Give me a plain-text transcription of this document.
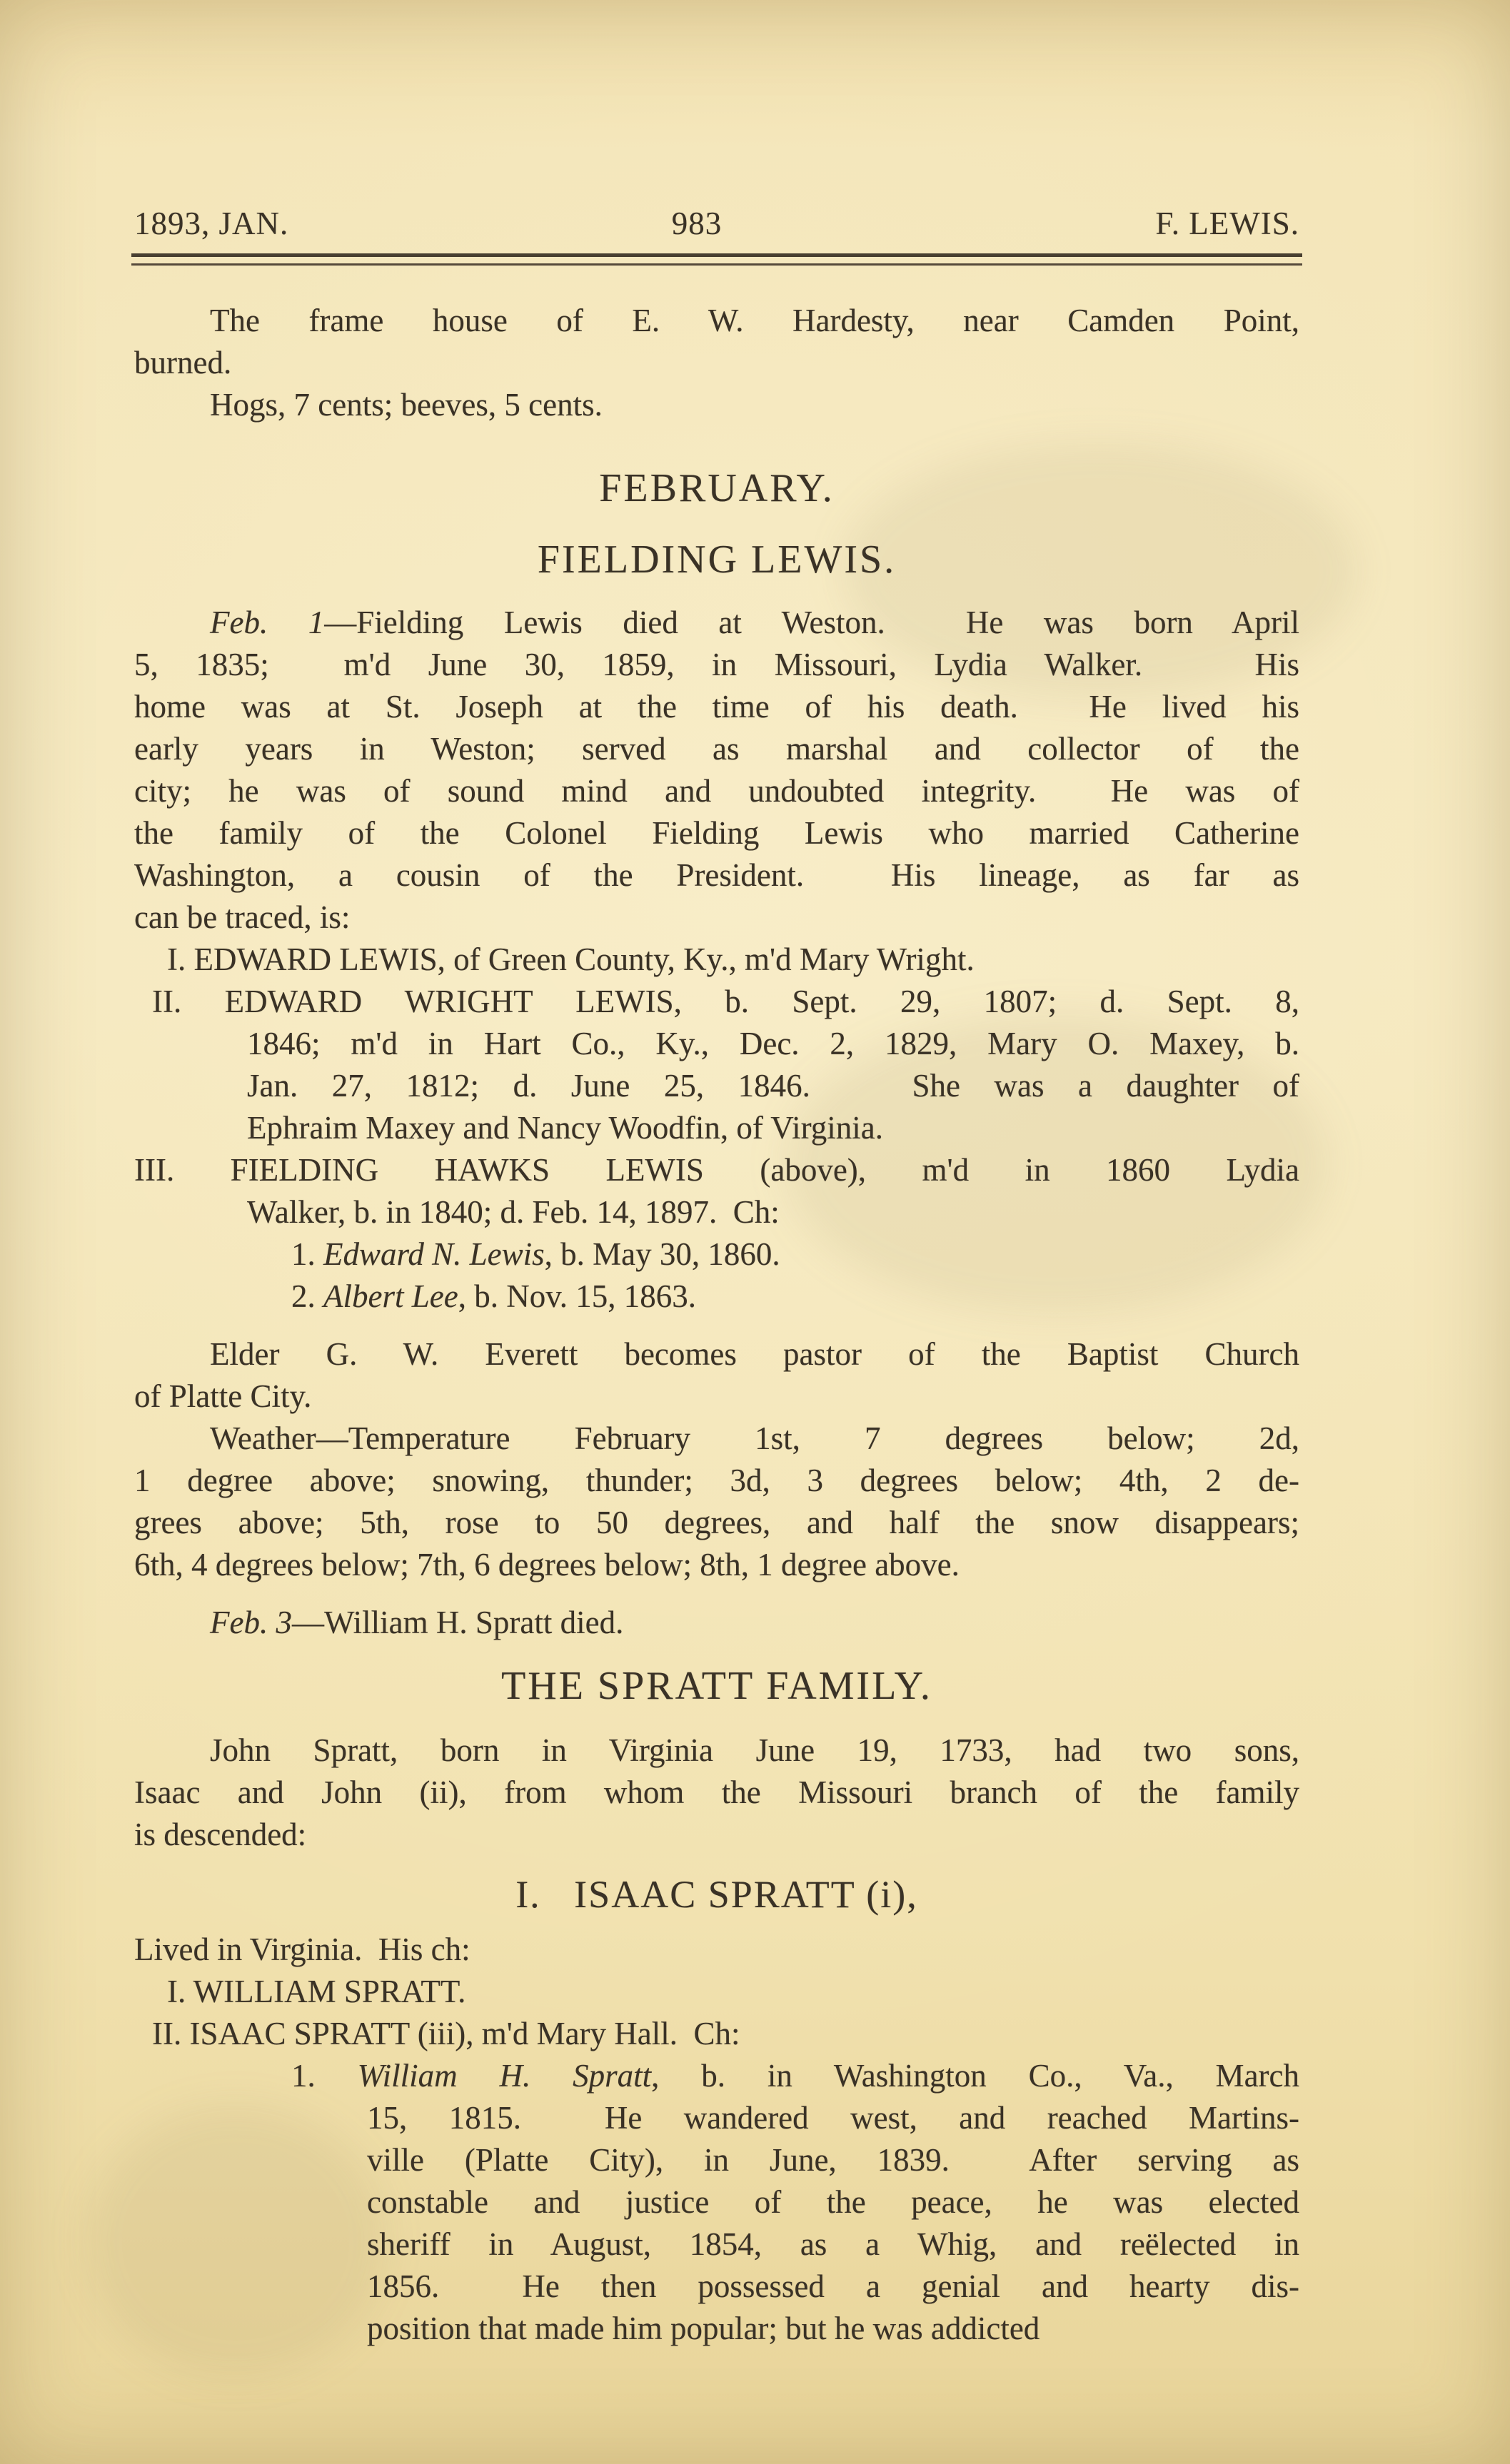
1893, JAN.	983	F. LEWIS.
The frame house of E. W. Hardesty, near Camden Point,
burned.
Hogs, 7 cents; beeves, 5 cents.
FEBRUARY.
FIELDING LEWIS.
Feb. 1—Fielding Lewis died at Weston.  He was born April
5, 1835;  m'd June 30, 1859, in Missouri, Lydia Walker.   His
home was at St. Joseph at the time of his death.  He lived his
early years in Weston; served as marshal and collector of the
city; he was of sound mind and undoubted integrity.  He was of
the family of the Colonel Fielding Lewis who married Catherine
Washington, a cousin of the President.  His lineage, as far as
can be traced, is:
I. EDWARD LEWIS, of Green County, Ky., m'd Mary Wright.
II. EDWARD WRIGHT LEWIS, b. Sept. 29, 1807; d. Sept. 8,
1846; m'd in Hart Co., Ky., Dec. 2, 1829, Mary O. Maxey, b.
Jan. 27, 1812; d. June 25, 1846.   She was a daughter of
Ephraim Maxey and Nancy Woodfin, of Virginia.
III. FIELDING HAWKS LEWIS (above), m'd in 1860 Lydia
Walker, b. in 1840; d. Feb. 14, 1897.  Ch:
1. Edward N. Lewis, b. May 30, 1860.
2. Albert Lee, b. Nov. 15, 1863.
Elder G. W. Everett becomes pastor of the Baptist Church
of Platte City.
Weather—Temperature February 1st, 7 degrees below; 2d,
1 degree above; snowing, thunder; 3d, 3 degrees below; 4th, 2 de-
grees above; 5th, rose to 50 degrees, and half the snow disappears;
6th, 4 degrees below; 7th, 6 degrees below; 8th, 1 degree above.
Feb. 3—William H. Spratt died.
THE SPRATT FAMILY.
John Spratt, born in Virginia June 19, 1733, had two sons,
Isaac and John (ii), from whom the Missouri branch of the family
is descended:
I.   ISAAC SPRATT (i),
Lived in Virginia.  His ch:
I. WILLIAM SPRATT.
II. ISAAC SPRATT (iii), m'd Mary Hall.  Ch:
1. William H. Spratt, b. in Washington Co., Va., March
15, 1815.  He wandered west, and reached Martins-
ville (Platte City), in June, 1839.  After serving as
constable and justice of the peace, he was elected
sheriff in August, 1854, as a Whig, and reëlected in
1856.  He then possessed a genial and hearty dis-
position that made him popular; but he was addicted
